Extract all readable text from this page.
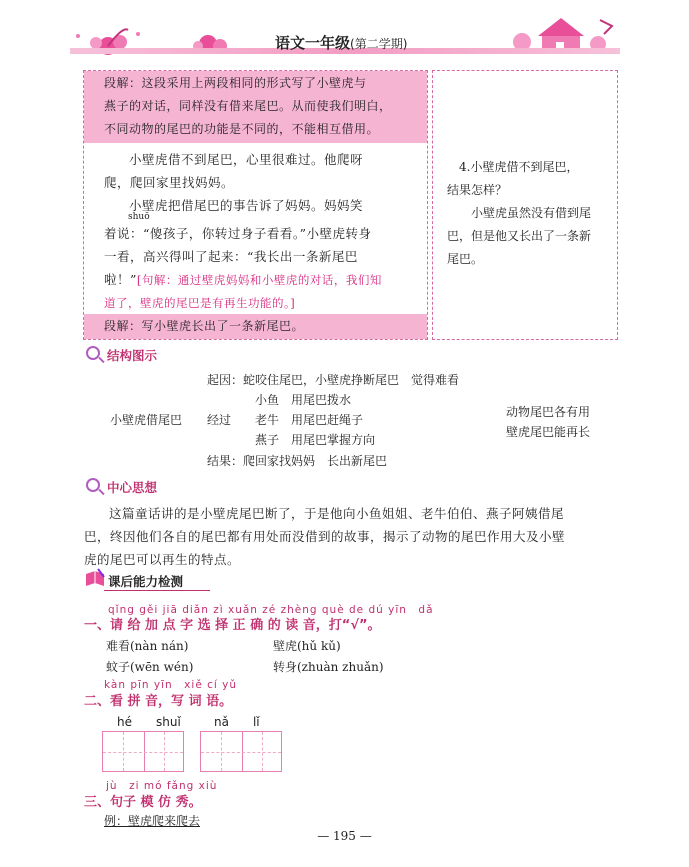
语文一年级(第二学期)
段解：这段采用上两段相同的形式写了小壁虎与
燕子的对话，同样没有借来尾巴。从而使我们明白，
不同动物的尾巴的功能是不同的，不能相互借用。
小壁虎借不到尾巴，心里很难过。他爬呀
爬，爬回家里找妈妈。
小壁虎把借尾巴的事告诉了妈妈。妈妈笑
shuō
着说：“傻孩子，你转过身子看看。”小壁虎转身
一看，高兴得叫了起来：“我长出一条新尾巴
啦！”[句解：通过壁虎妈妈和小壁虎的对话，我们知
道了，壁虎的尾巴是有再生功能的。]
段解：写小壁虎长出了一条新尾巴。
4.小壁虎借不到尾巴，
结果怎样？
小壁虎虽然没有借到尾
巴，但是他又长出了一条新
尾巴。
结构图示
起因：蛇咬住尾巴，小壁虎挣断尾巴　觉得难看
小鱼　用尾巴拨水
小壁虎借尾巴 经过 老牛　用尾巴赶绳子
燕子　用尾巴掌握方向
结果：爬回家找妈妈　长出新尾巴
动物尾巴各有用
壁虎尾巴能再长
中心思想
这篇童话讲的是小壁虎尾巴断了，于是他向小鱼姐姐、老牛伯伯、燕子阿姨借尾
巴，终因他们各自的尾巴都有用处而没借到的故事，揭示了动物的尾巴作用大及小壁
虎的尾巴可以再生的特点。
课后能力检测
qǐng gěi jiā diǎn zì xuǎn zé zhèng què de dú yīn　dǎ
一、请 给 加 点 字 选 择 正 确 的 读 音，打“√”。
难看(nàn nán)	壁虎(hǔ kǔ)
蚊子(wēn wén)	转身(zhuàn zhuǎn)
kàn pīn yīn　xiě cí yǔ
二、看 拼 音，写 词 语。
hé　　shuǐ	nǎ　　lǐ
jù　zi mó fǎng xiù
三、句子 模 仿 秀。
例：壁虎爬来爬去
— 195 —
